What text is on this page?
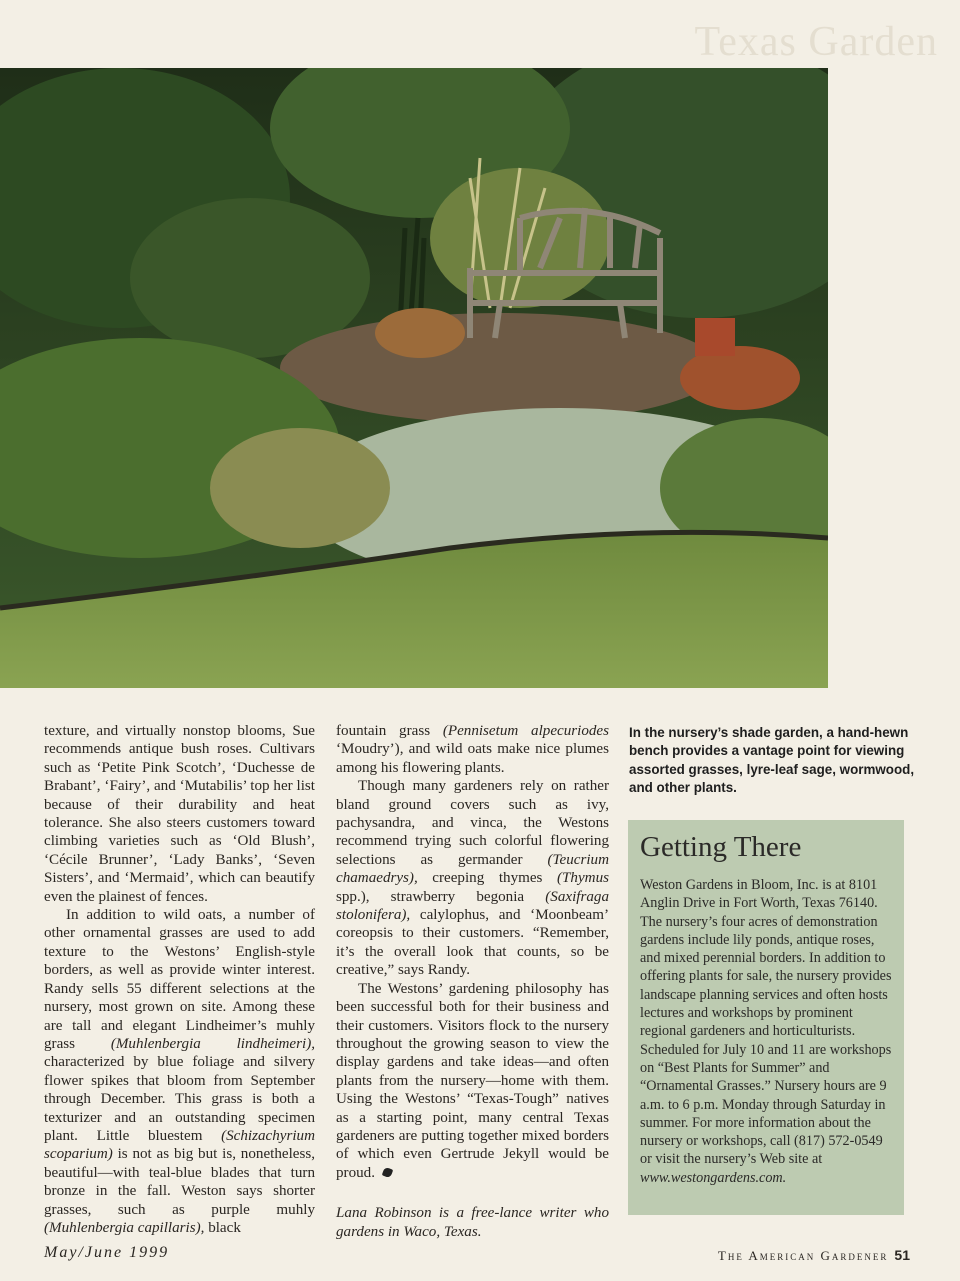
Texas Garden

texture, and virtually nonstop blooms, Sue recommends antique bush roses. Cultivars such as ‘Petite Pink Scotch’, ‘Duchesse de Brabant’, ‘Fairy’, and ‘Mutabilis’ top her list because of their durability and heat tolerance. She also steers customers toward climbing varieties such as ‘Old Blush’, ‘Cécile Brunner’, ‘Lady Banks’, ‘Seven Sisters’, and ‘Mermaid’, which can beautify even the plainest of fences.

In addition to wild oats, a number of other ornamental grasses are used to add texture to the Westons’ English-style borders, as well as provide winter interest. Randy sells 55 different selections at the nursery, most grown on site. Among these are tall and elegant Lindheimer’s muhly grass (Muhlenbergia lindheimeri), characterized by blue foliage and silvery flower spikes that bloom from September through December. This grass is both a texturizer and an outstanding specimen plant. Little bluestem (Schizachyrium scoparium) is not as big but is, nonetheless, beautiful—with teal-blue blades that turn bronze in the fall. Weston says shorter grasses, such as purple muhly (Muhlenbergia capillaris), black

fountain grass (Pennisetum alpecuriodes ‘Moudry’), and wild oats make nice plumes among his flowering plants.

Though many gardeners rely on rather bland ground covers such as ivy, pachysandra, and vinca, the Westons recommend trying such colorful flowering selections as germander (Teucrium chamaedrys), creeping thymes (Thymus spp.), strawberry begonia (Saxifraga stolonifera), calylophus, and ‘Moonbeam’ coreopsis to their customers. “Remember, it’s the overall look that counts, so be creative,” says Randy.

The Westons’ gardening philosophy has been successful both for their business and their customers. Visitors flock to the nursery throughout the growing season to view the display gardens and take ideas—and often plants from the nursery—home with them. Using the Westons’ “Texas-Tough” natives as a starting point, many central Texas gardeners are putting together mixed borders of which even Gertrude Jekyll would be proud.

Lana Robinson is a free-lance writer who gardens in Waco, Texas.

In the nursery’s shade garden, a hand-hewn bench provides a vantage point for viewing assorted grasses, lyre-leaf sage, wormwood, and other plants.
Getting There

Weston Gardens in Bloom, Inc. is at 8101 Anglin Drive in Fort Worth, Texas 76140. The nursery’s four acres of demonstration gardens include lily ponds, antique roses, and mixed perennial borders. In addition to offering plants for sale, the nursery provides landscape planning services and often hosts lectures and workshops by prominent regional gardeners and horticulturists. Scheduled for July 10 and 11 are workshops on “Best Plants for Summer” and “Ornamental Grasses.” Nursery hours are 9 a.m. to 6 p.m. Monday through Saturday in summer. For more information about the nursery or workshops, call (817) 572-0549 or visit the nursery’s Web site at www.westongardens.com.

May/June 1999	The American Gardener 51
